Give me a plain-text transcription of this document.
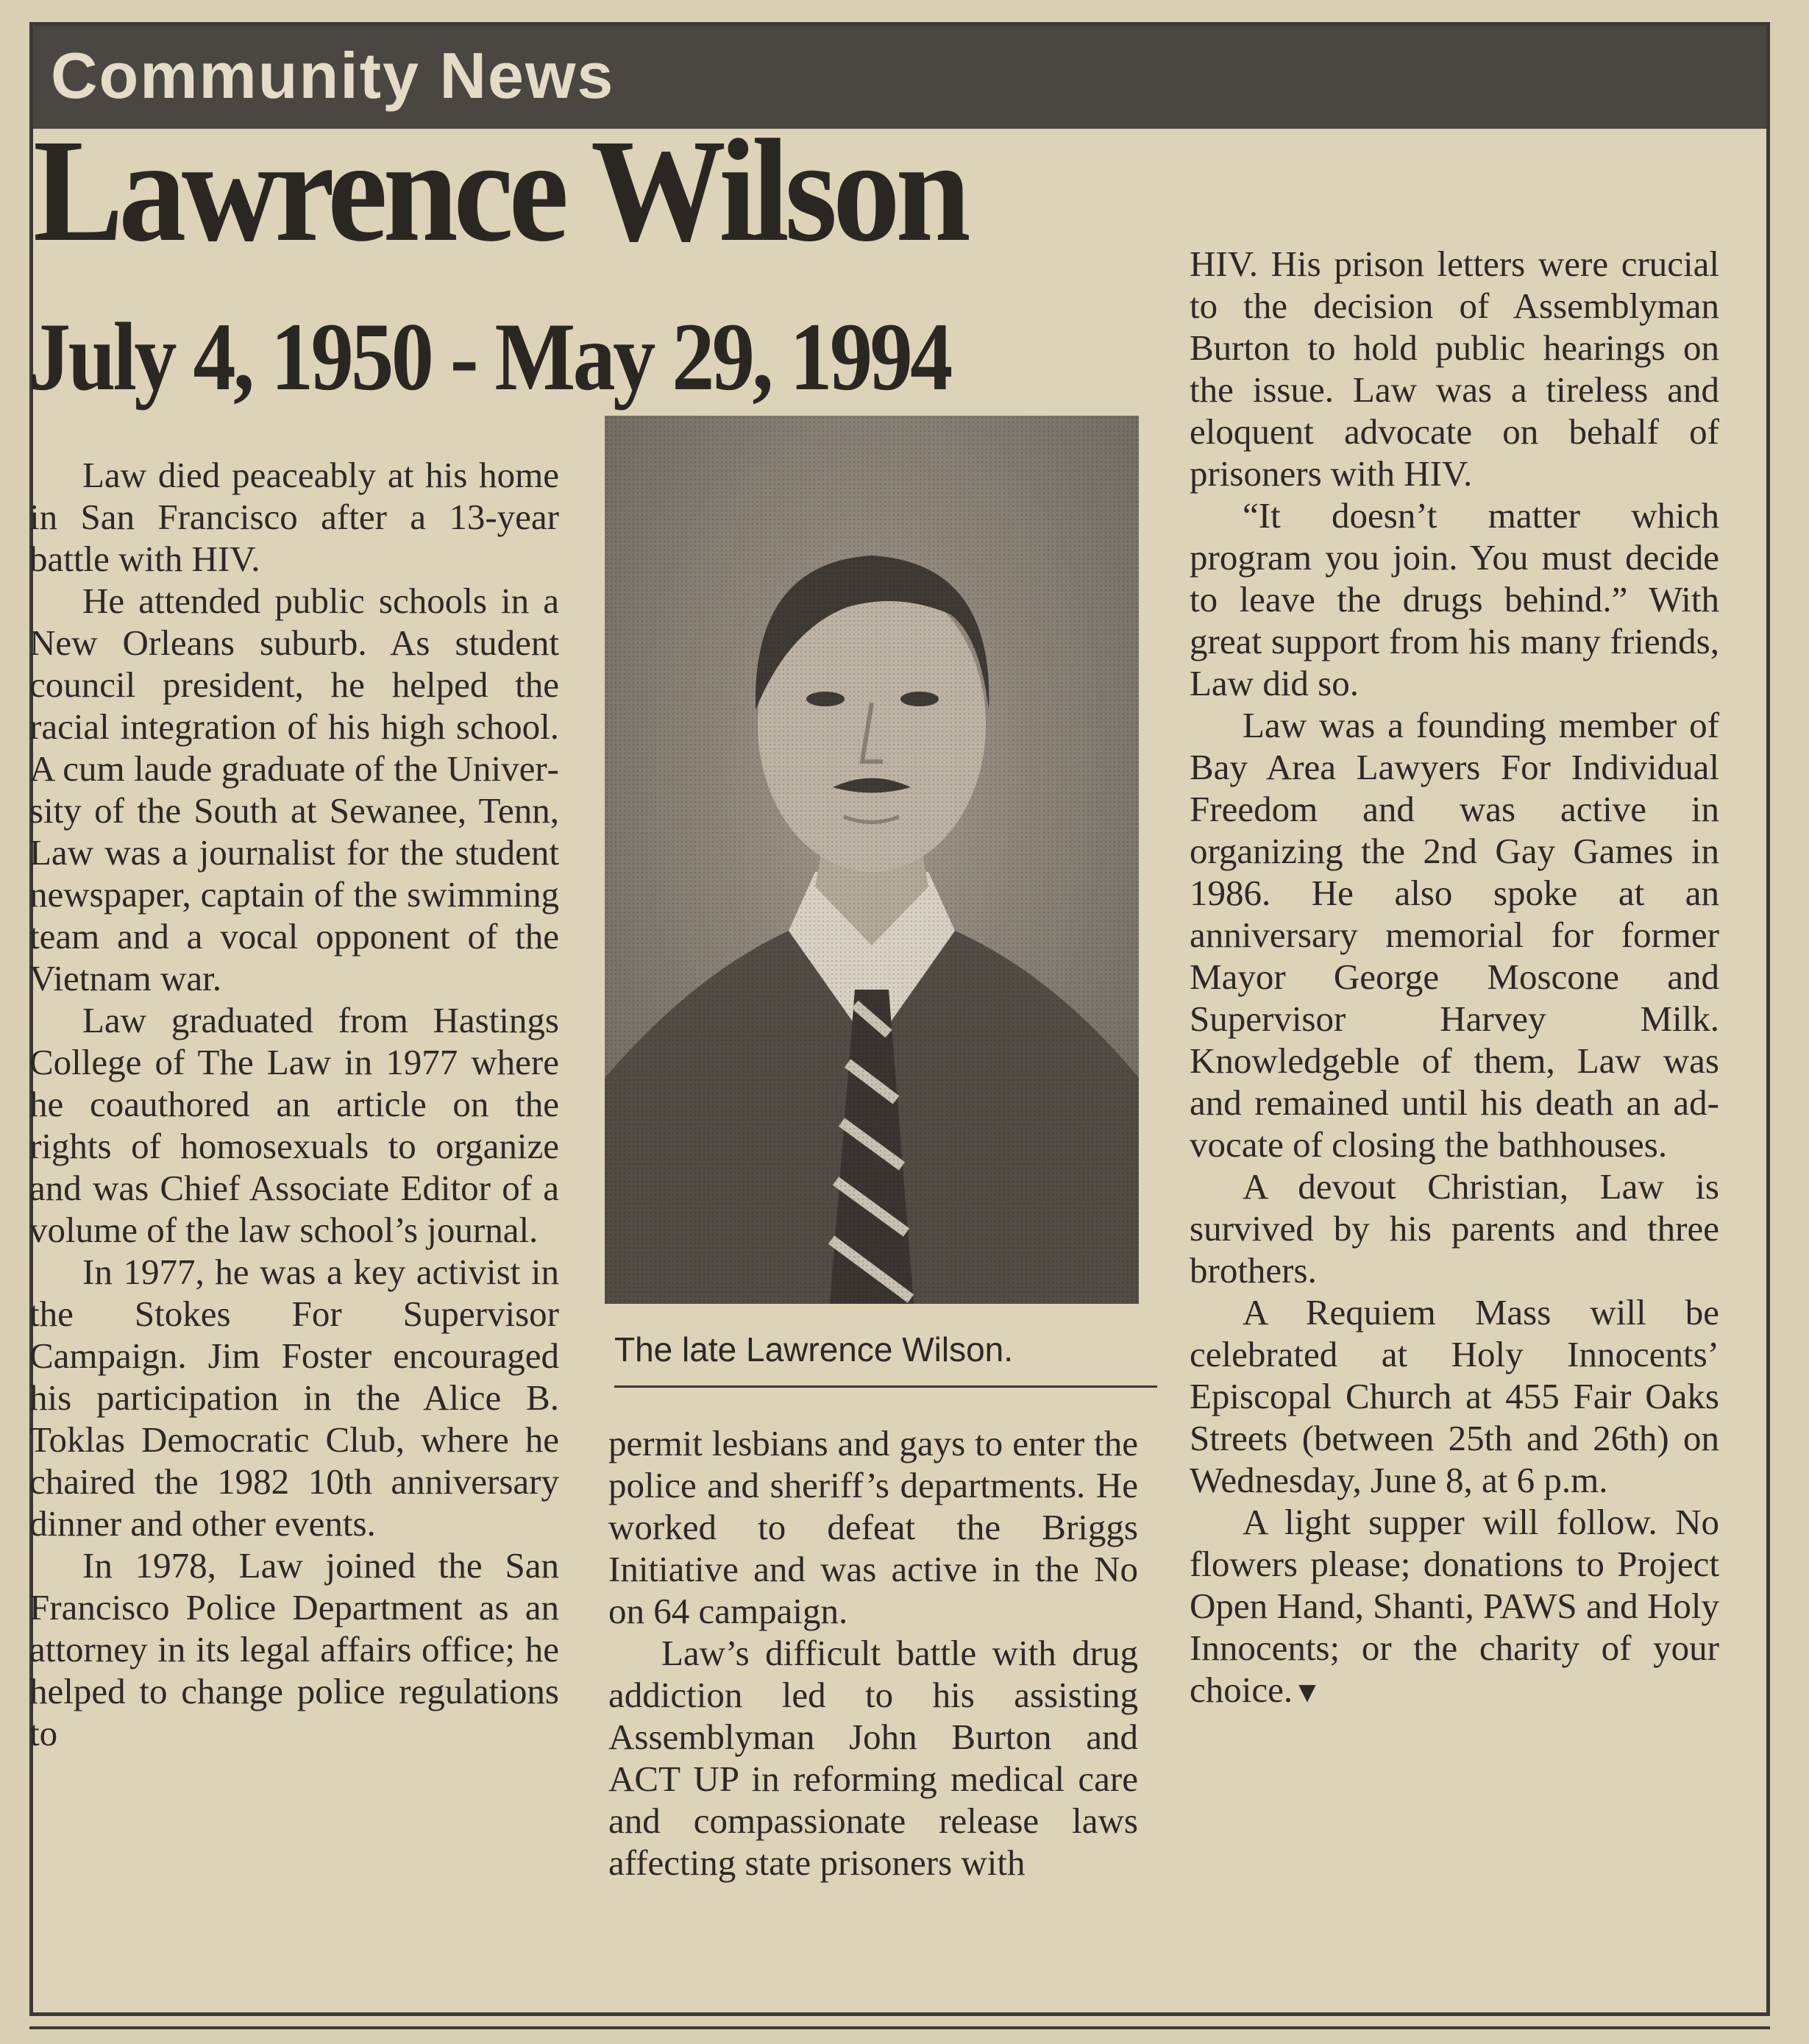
Community News
Lawrence Wilson
July 4, 1950 - May 29, 1994

Law died peaceably at his home in San Francisco after a 13-year battle with HIV.

He attended public schools in a New Orleans suburb. As student council president, he helped the racial integration of his high school. A cum laude graduate of the University of the South at Sewanee, Tenn, Law was a journalist for the student newspaper, captain of the swimming team and a vocal opponent of the Vietnam war.

Law graduated from Hastings College of The Law in 1977 where he coauthored an article on the rights of homosexuals to organize and was Chief Associate Editor of a volume of the law school’s journal.

In 1977, he was a key activist in the Stokes For Supervisor Campaign. Jim Foster encouraged his participation in the Alice B. Toklas Democratic Club, where he chaired the 1982 10th anniversary dinner and other events.

In 1978, Law joined the San Francisco Police Department as an attorney in its legal affairs office; he helped to change police regulations to

The late Lawrence Wilson.

permit lesbians and gays to enter the police and sheriff’s departments. He worked to defeat the Briggs Initiative and was active in the No on 64 campaign.

Law’s difficult battle with drug addiction led to his assisting Assemblyman John Burton and ACT UP in reforming medical care and compassionate release laws affecting state prisoners with

HIV. His prison letters were crucial to the decision of Assemblyman Burton to hold public hearings on the issue. Law was a tireless and eloquent advocate on behalf of prisoners with HIV.

“It doesn’t matter which program you join. You must decide to leave the drugs behind.” With great support from his many friends, Law did so.

Law was a founding member of Bay Area Lawyers For Individual Freedom and was active in organizing the 2nd Gay Games in 1986. He also spoke at an anniversary memorial for former Mayor George Moscone and Supervisor Harvey Milk. Knowledgeble of them, Law was and remained until his death an advocate of closing the bathhouses.

A devout Christian, Law is survived by his parents and three brothers.

A Requiem Mass will be celebrated at Holy Innocents’ Episcopal Church at 455 Fair Oaks Streets (between 25th and 26th) on Wednesday, June 8, at 6 p.m.

A light supper will follow. No flowers please; donations to Project Open Hand, Shanti, PAWS and Holy Innocents; or the charity of your choice.▼
